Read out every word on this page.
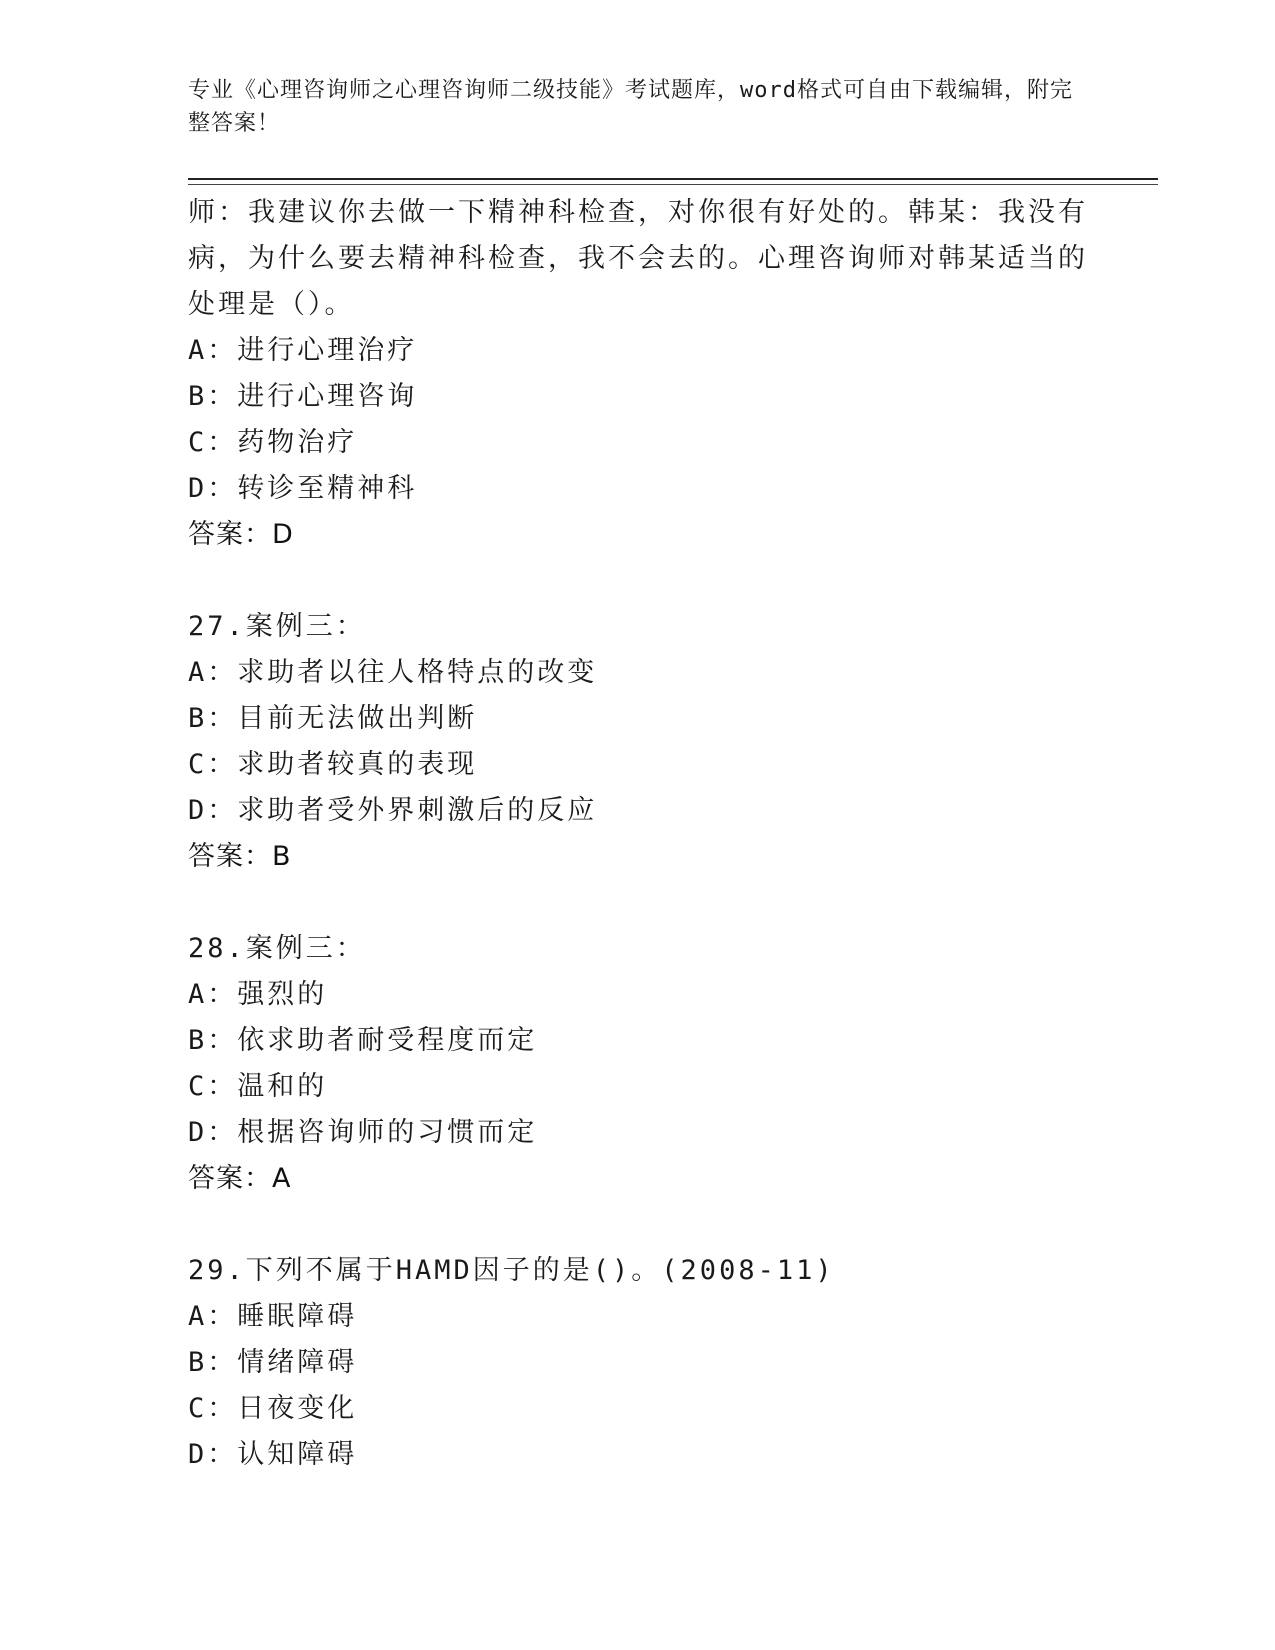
专业《心理咨询师之心理咨询师二级技能》考试题库，word格式可自由下载编辑，附完整答案！

师：我建议你去做一下精神科检查，对你很有好处的。韩某：我没有病，为什么要去精神科检查，我不会去的。心理咨询师对韩某适当的处理是（）。

A：进行心理治疗
B：进行心理咨询
C：药物治疗
D：转诊至精神科
答案：D
27.案例三：
A：求助者以往人格特点的改变
B：目前无法做出判断
C：求助者较真的表现
D：求助者受外界刺激后的反应
答案：B
28.案例三：
A：强烈的
B：依求助者耐受程度而定
C：温和的
D：根据咨询师的习惯而定
答案：A
29.下列不属于HAMD因子的是()。(2008-11)
A：睡眠障碍
B：情绪障碍
C：日夜变化
D：认知障碍
